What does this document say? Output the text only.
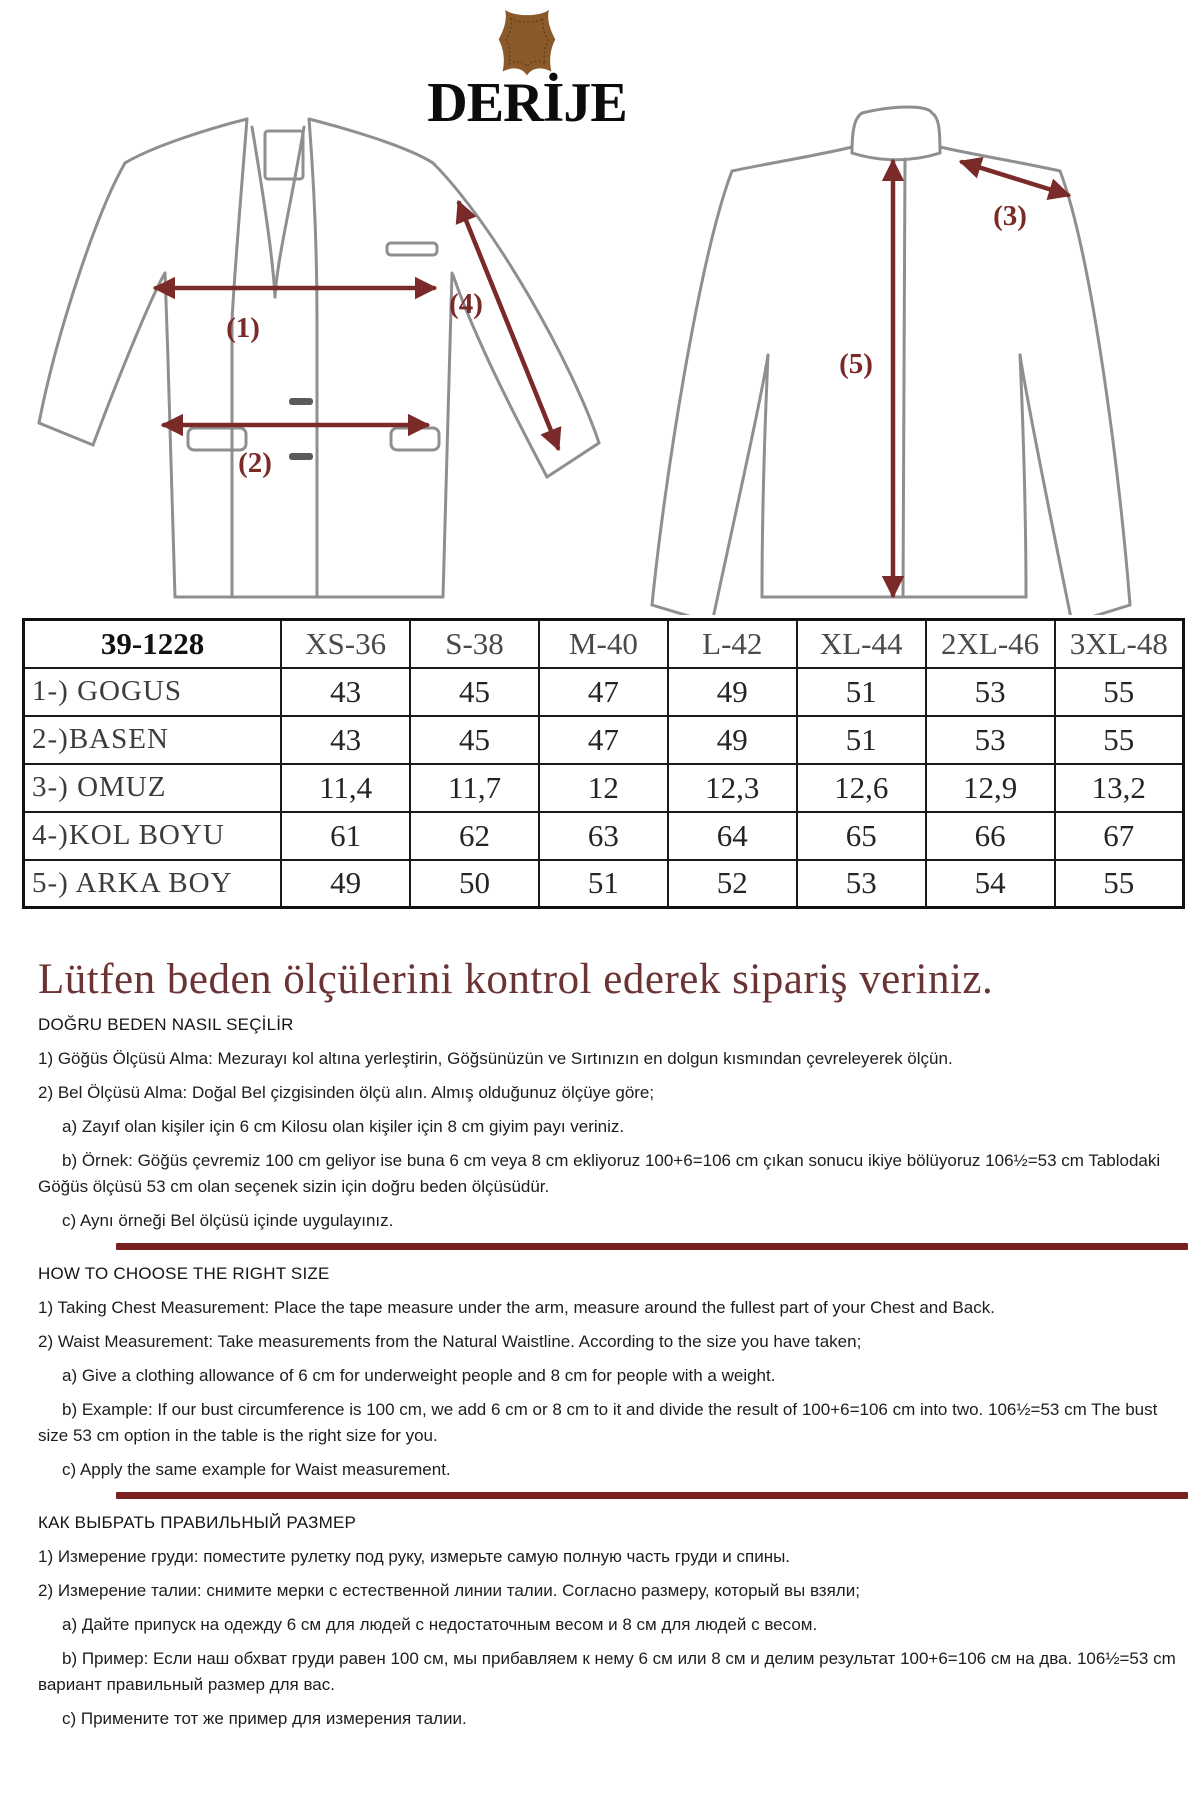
DERİJE
(1)
(2)
(4)
(3)
(5)
39-1228	XS-36	S-38	M-40	L-42	XL-44	2XL-46	3XL-48
1-) GOGUS	43	45	47	49	51	53	55
2-)BASEN	43	45	47	49	51	53	55
3-) OMUZ	11,4	11,7	12	12,3	12,6	12,9	13,2
4-)KOL BOYU	61	62	63	64	65	66	67
5-) ARKA BOY	49	50	51	52	53	54	55
Lütfen beden ölçülerini kontrol ederek sipariş veriniz.

DOĞRU BEDEN NASIL SEÇİLİR

1) Göğüs Ölçüsü Alma: Mezurayı kol altına yerleştirin, Göğsünüzün ve Sırtınızın en dolgun kısmından çevreleyerek ölçün.

2) Bel Ölçüsü Alma: Doğal Bel çizgisinden ölçü alın. Almış olduğunuz ölçüye göre;

a) Zayıf olan kişiler için 6 cm Kilosu olan kişiler için 8 cm giyim payı veriniz.

b) Örnek: Göğüs çevremiz 100 cm geliyor ise buna 6 cm veya 8 cm ekliyoruz 100+6=106 cm çıkan sonucu ikiye bölüyoruz 106½=53 cm Tablodaki Göğüs ölçüsü 53 cm olan seçenek sizin için doğru beden ölçüsüdür.

c) Aynı örneği Bel ölçüsü içinde uygulayınız.

HOW TO CHOOSE THE RIGHT SIZE

1) Taking Chest Measurement: Place the tape measure under the arm, measure around the fullest part of your Chest and Back.

2) Waist Measurement: Take measurements from the Natural Waistline. According to the size you have taken;

a) Give a clothing allowance of 6 cm for underweight people and 8 cm for people with a weight.

b) Example: If our bust circumference is 100 cm, we add 6 cm or 8 cm to it and divide the result of 100+6=106 cm into two. 106½=53 cm The bust size 53 cm option in the table is the right size for you.

c) Apply the same example for Waist measurement.

КАК ВЫБРАТЬ ПРАВИЛЬНЫЙ РАЗМЕР

1) Измерение груди: поместите рулетку под руку, измерьте самую полную часть груди и спины.

2) Измерение талии: снимите мерки с естественной линии талии. Согласно размеру, который вы взяли;

a) Дайте припуск на одежду 6 см для людей с недостаточным весом и 8 см для людей с весом.

b) Пример: Если наш обхват груди равен 100 см, мы прибавляем к нему 6 см или 8 см и делим результат 100+6=106 см на два. 106½=53 cm вариант правильный размер для вас.

c) Примените тот же пример для измерения талии.
